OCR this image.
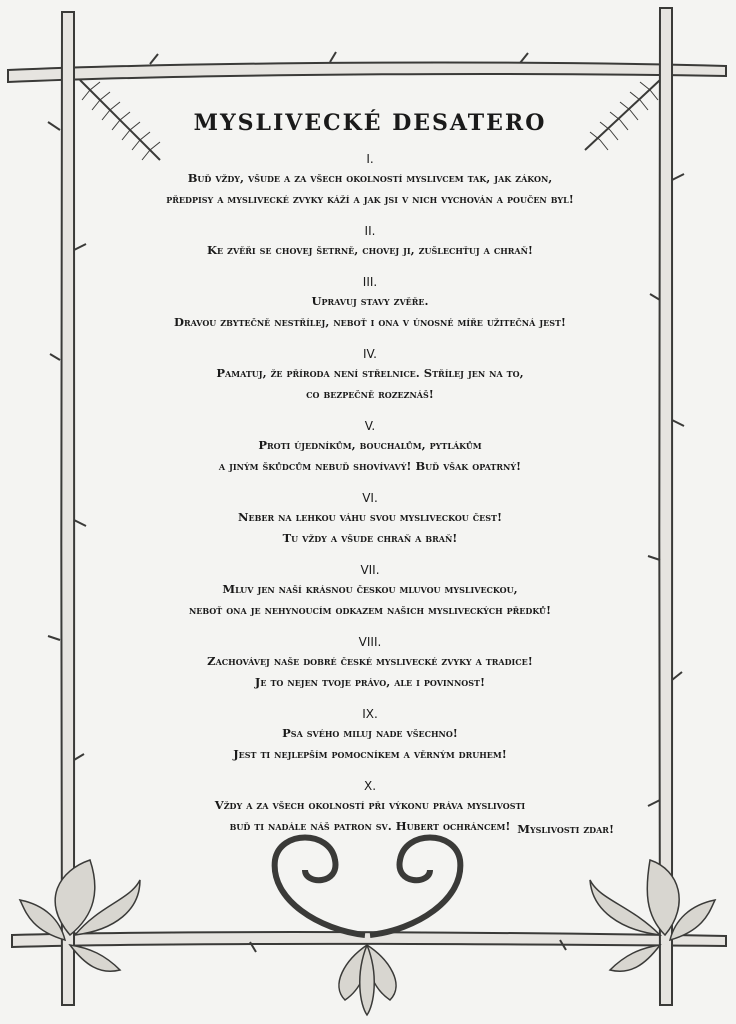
MYSLIVECKÉ DESATERO
I.
Buď vždy, všude a za všech okolností myslivcem tak, jak zákon,
předpisy a myslivecké zvyky káží a jak jsi v nich vychován a poučen byl!
II.
Ke zvěři se chovej šetrně, chovej ji, zušlechťuj a chraň!
III.
Upravuj stavy zvěře.
Dravou zbytečně nestřílej, neboť i ona v únosné míře užitečná jest!
IV.
Pamatuj, že příroda není střelnice. Střílej jen na to,
co bezpečně rozeznáš!
V.
Proti újedníkům, bouchalům, pytlákům
a jiným škůdcům nebuď shovívavý! Buď však opatrný!
VI.
Neber na lehkou váhu svou mysliveckou čest!
Tu vždy a všude chraň a braň!
VII.
Mluv jen naší krásnou českou mluvou mysliveckou,
neboť ona je nehynoucím odkazem našich mysliveckých předků!
VIII.
Zachovávej naše dobré české myslivecké zvyky a tradice!
Je to nejen tvoje právo, ale i povinnost!
IX.
Psa svého miluj nade všechno!
Jest ti nejlepším pomocníkem a věrným druhem!
X.
Vždy a za všech okolností při výkonu práva myslivosti
buď ti nadále náš patron sv. Hubert ochráncem! Myslivosti zdar!
